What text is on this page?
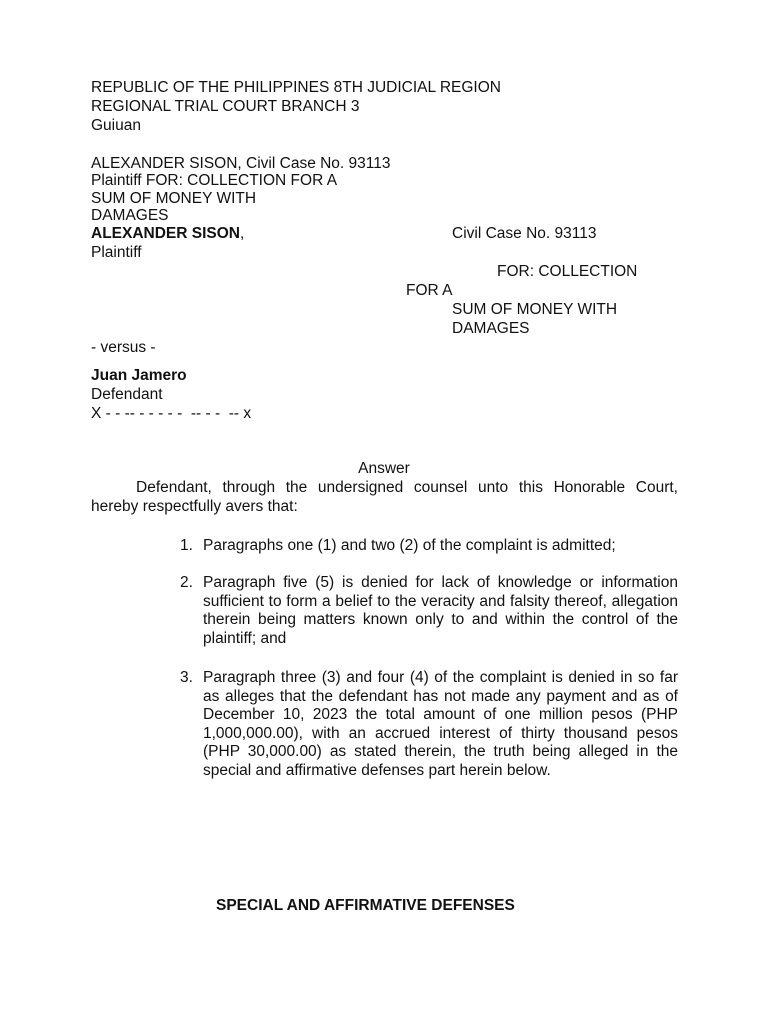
REPUBLIC OF THE PHILIPPINES 8TH JUDICIAL REGION
REGIONAL TRIAL COURT BRANCH 3
Guiuan
ALEXANDER SISON, Civil Case No. 93113
Plaintiff FOR: COLLECTION FOR A
SUM OF MONEY WITH
DAMAGES
ALEXANDER SISON,	Civil Case No. 93113
Plaintiff
FOR: COLLECTION
FOR A
SUM OF MONEY WITH
DAMAGES
- versus -
Juan Jamero
Defendant
X - - -- - - - - -  -- - -  -- x
Answer
Defendant, through the undersigned counsel unto this Honorable Court, hereby respectfully avers that:
1. Paragraphs one (1) and two (2) of the complaint is admitted;
2. Paragraph five (5) is denied for lack of knowledge or information sufficient to form a belief to the veracity and falsity thereof, allegation therein being matters known only to and within the control of the plaintiff; and
3. Paragraph three (3) and four (4) of the complaint is denied in so far as alleges that the defendant has not made any payment and as of December 10, 2023 the total amount of one million pesos (PHP 1,000,000.00), with an accrued interest of thirty thousand pesos (PHP 30,000.00) as stated therein, the truth being alleged in the special and affirmative defenses part herein below.
SPECIAL AND AFFIRMATIVE DEFENSES
